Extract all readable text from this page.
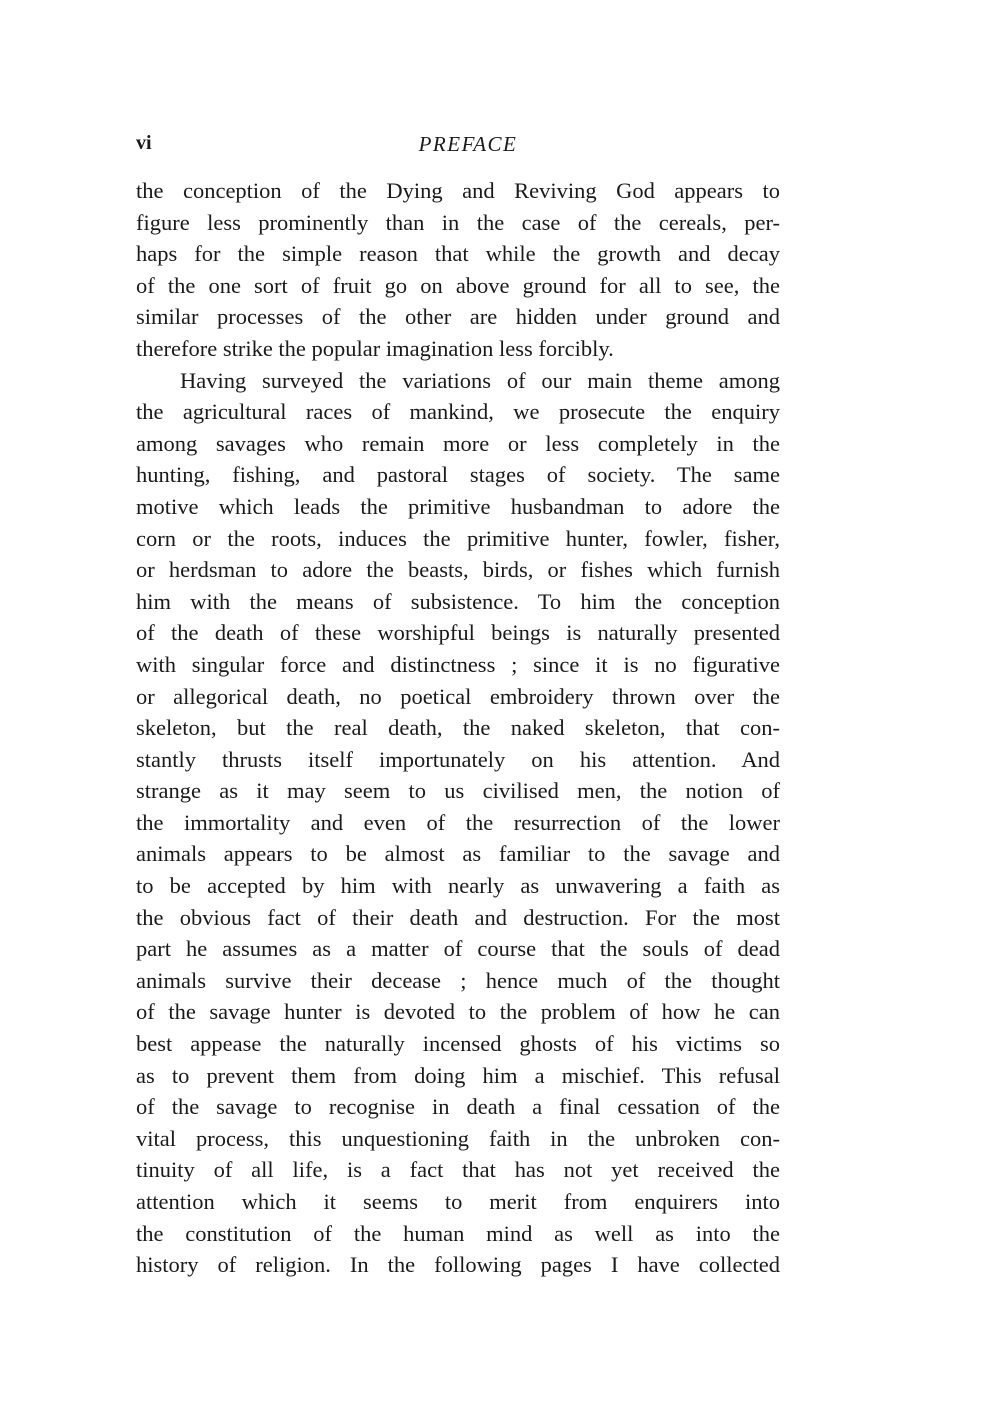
vi	PREFACE
the conception of the Dying and Reviving God appears to
figure less prominently than in the case of the cereals, per-
haps for the simple reason that while the growth and decay
of the one sort of fruit go on above ground for all to see, the
similar processes of the other are hidden under ground and
therefore strike the popular imagination less forcibly.
Having surveyed the variations of our main theme among
the agricultural races of mankind, we prosecute the enquiry
among savages who remain more or less completely in the
hunting, fishing, and pastoral stages of society. The same
motive which leads the primitive husbandman to adore the
corn or the roots, induces the primitive hunter, fowler, fisher,
or herdsman to adore the beasts, birds, or fishes which furnish
him with the means of subsistence. To him the conception
of the death of these worshipful beings is naturally presented
with singular force and distinctness ; since it is no figurative
or allegorical death, no poetical embroidery thrown over the
skeleton, but the real death, the naked skeleton, that con-
stantly thrusts itself importunately on his attention. And
strange as it may seem to us civilised men, the notion of
the immortality and even of the resurrection of the lower
animals appears to be almost as familiar to the savage and
to be accepted by him with nearly as unwavering a faith as
the obvious fact of their death and destruction. For the most
part he assumes as a matter of course that the souls of dead
animals survive their decease ; hence much of the thought
of the savage hunter is devoted to the problem of how he can
best appease the naturally incensed ghosts of his victims so
as to prevent them from doing him a mischief. This refusal
of the savage to recognise in death a final cessation of the
vital process, this unquestioning faith in the unbroken con-
tinuity of all life, is a fact that has not yet received the
attention which it seems to merit from enquirers into
the constitution of the human mind as well as into the
history of religion. In the following pages I have collected
